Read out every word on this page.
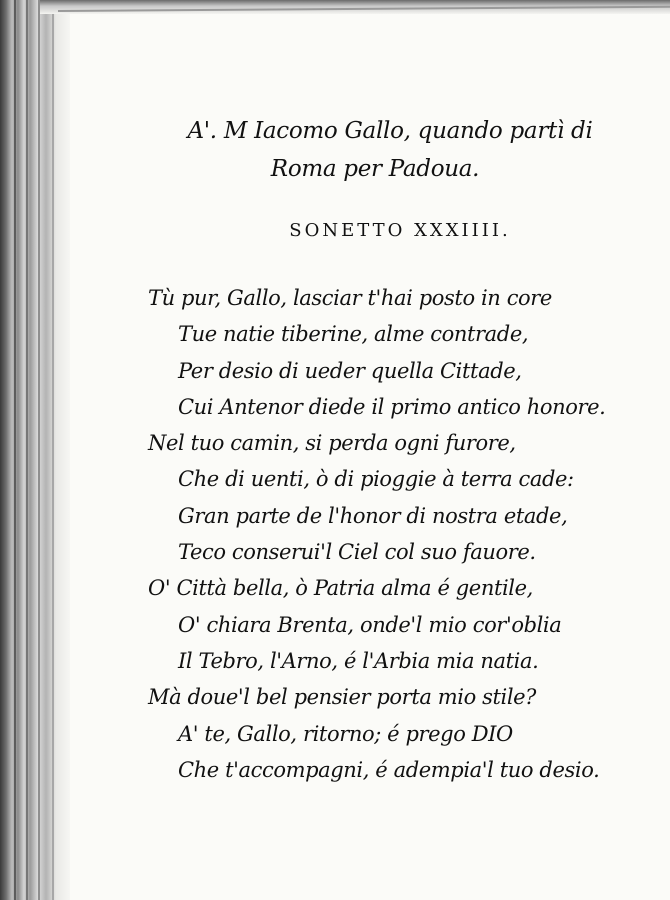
A'. M Iacomo Gallo, quando partì di
Roma per Padoua.
SONETTO XXXIIII.
Tù pur, Gallo, lasciar t'hai posto in core
Tue natie tiberine, alme contrade,
Per desio di ueder quella Cittade,
Cui Antenor diede il primo antico honore.
Nel tuo camin, si perda ogni furore,
Che di uenti, ò di pioggie à terra cade:
Gran parte de l'honor di nostra etade,
Teco conserui'l Ciel col suo fauore.
O' Città bella, ò Patria alma é gentile,
O' chiara Brenta, onde'l mio cor'oblia
Il Tebro, l'Arno, é l'Arbia mia natia.
Mà doue'l bel pensier porta mio stile?
A' te, Gallo, ritorno; é prego DIO
Che t'accompagni, é adempia'l tuo desio.
